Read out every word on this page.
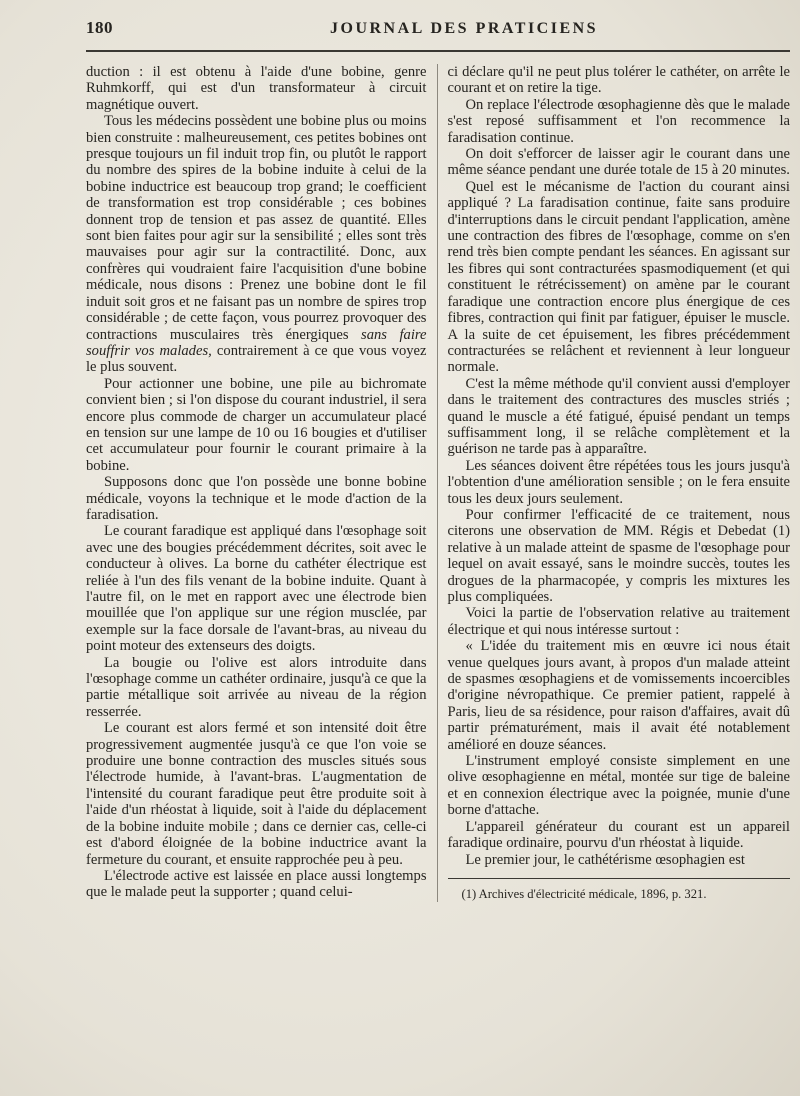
180	JOURNAL DES PRATICIENS

duction : il est obtenu à l'aide d'une bobine, genre Ruhmkorff, qui est d'un transformateur à circuit magnétique ouvert.

Tous les médecins possèdent une bobine plus ou moins bien construite : malheureusement, ces petites bobines ont presque toujours un fil induit trop fin, ou plutôt le rapport du nombre des spires de la bobine induite à celui de la bobine inductrice est beaucoup trop grand; le coefficient de transformation est trop considérable ; ces bobines donnent trop de tension et pas assez de quantité. Elles sont bien faites pour agir sur la sensibilité ; elles sont très mauvaises pour agir sur la contractilité. Donc, aux confrères qui voudraient faire l'acquisition d'une bobine médicale, nous disons : Prenez une bobine dont le fil induit soit gros et ne faisant pas un nombre de spires trop considérable ; de cette façon, vous pourrez provoquer des contractions musculaires très énergiques sans faire souffrir vos malades, contrairement à ce que vous voyez le plus souvent.

Pour actionner une bobine, une pile au bichromate convient bien ; si l'on dispose du courant industriel, il sera encore plus commode de charger un accumulateur placé en tension sur une lampe de 10 ou 16 bougies et d'utiliser cet accumulateur pour fournir le courant primaire à la bobine.

Supposons donc que l'on possède une bonne bobine médicale, voyons la technique et le mode d'action de la faradisation.

Le courant faradique est appliqué dans l'œsophage soit avec une des bougies précédemment décrites, soit avec le conducteur à olives. La borne du cathéter électrique est reliée à l'un des fils venant de la bobine induite. Quant à l'autre fil, on le met en rapport avec une électrode bien mouillée que l'on applique sur une région musclée, par exemple sur la face dorsale de l'avant-bras, au niveau du point moteur des extenseurs des doigts.

La bougie ou l'olive est alors introduite dans l'œsophage comme un cathéter ordinaire, jusqu'à ce que la partie métallique soit arrivée au niveau de la région resserrée.

Le courant est alors fermé et son intensité doit être progressivement augmentée jusqu'à ce que l'on voie se produire une bonne contraction des muscles situés sous l'électrode humide, à l'avant-bras. L'augmentation de l'intensité du courant faradique peut être produite soit à l'aide d'un rhéostat à liquide, soit à l'aide du déplacement de la bobine induite mobile ; dans ce dernier cas, celle-ci est d'abord éloignée de la bobine inductrice avant la fermeture du courant, et ensuite rapprochée peu à peu.

L'électrode active est laissée en place aussi longtemps que le malade peut la supporter ; quand celui-

ci déclare qu'il ne peut plus tolérer le cathéter, on arrête le courant et on retire la tige.

On replace l'électrode œsophagienne dès que le malade s'est reposé suffisamment et l'on recommence la faradisation continue.

On doit s'efforcer de laisser agir le courant dans une même séance pendant une durée totale de 15 à 20 minutes.

Quel est le mécanisme de l'action du courant ainsi appliqué ? La faradisation continue, faite sans produire d'interruptions dans le circuit pendant l'application, amène une contraction des fibres de l'œsophage, comme on s'en rend très bien compte pendant les séances. En agissant sur les fibres qui sont contracturées spasmodiquement (et qui constituent le rétrécissement) on amène par le courant faradique une contraction encore plus énergique de ces fibres, contraction qui finit par fatiguer, épuiser le muscle. A la suite de cet épuisement, les fibres précédemment contracturées se relâchent et reviennent à leur longueur normale.

C'est la même méthode qu'il convient aussi d'employer dans le traitement des contractures des muscles striés ; quand le muscle a été fatigué, épuisé pendant un temps suffisamment long, il se relâche complètement et la guérison ne tarde pas à apparaître.

Les séances doivent être répétées tous les jours jusqu'à l'obtention d'une amélioration sensible ; on le fera ensuite tous les deux jours seulement.

Pour confirmer l'efficacité de ce traitement, nous citerons une observation de MM. Régis et Debedat (1) relative à un malade atteint de spasme de l'œsophage pour lequel on avait essayé, sans le moindre succès, toutes les drogues de la pharmacopée, y compris les mixtures les plus compliquées.

Voici la partie de l'observation relative au traitement électrique et qui nous intéresse surtout :

« L'idée du traitement mis en œuvre ici nous était venue quelques jours avant, à propos d'un malade atteint de spasmes œsophagiens et de vomissements incoercibles d'origine névropathique. Ce premier patient, rappelé à Paris, lieu de sa résidence, pour raison d'affaires, avait dû partir prématurément, mais il avait été notablement amélioré en douze séances.

L'instrument employé consiste simplement en une olive œsophagienne en métal, montée sur tige de baleine et en connexion électrique avec la poignée, munie d'une borne d'attache.

L'appareil générateur du courant est un appareil faradique ordinaire, pourvu d'un rhéostat à liquide.

Le premier jour, le cathétérisme œsophagien est

(1) Archives d'électricité médicale, 1896, p. 321.
